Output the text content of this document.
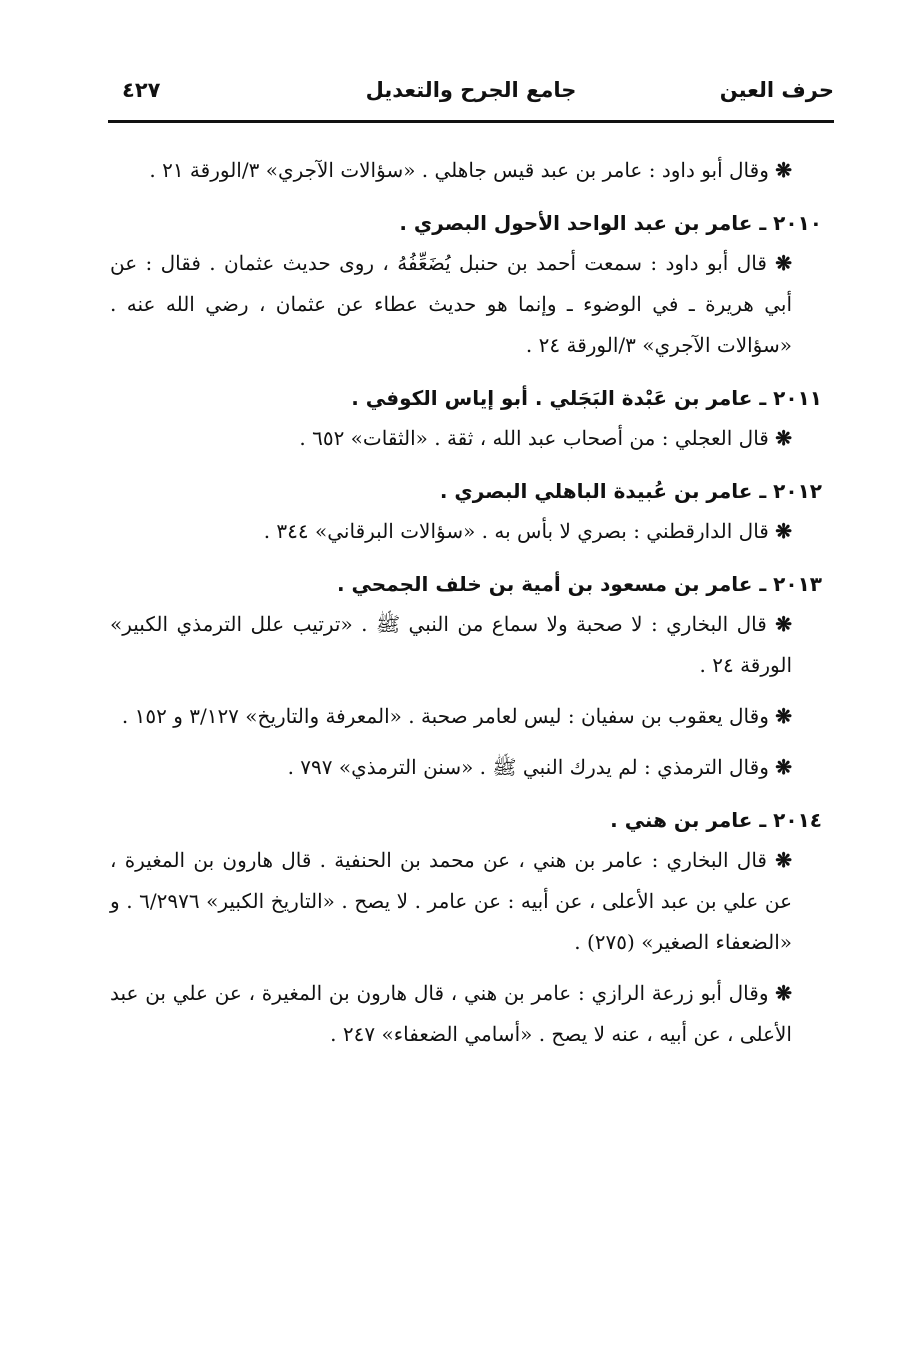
حرف العين
جامع الجرح والتعديل
٤٢٧

❋ وقال أبو داود : عامر بن عبد قيس جاهلي . «سؤالات الآجري» ٣/الورقة ٢١ .

٢٠١٠ ـ عامر بن عبد الواحد الأحول البصري .

❋ قال أبو داود : سمعت أحمد بن حنبل يُضَعِّفُهُ ، روى حديث عثمان . فقال : عن أبي هريرة ـ في الوضوء ـ وإنما هو حديث عطاء عن عثمان ، رضي الله عنه . «سؤالات الآجري» ٣/الورقة ٢٤ .

٢٠١١ ـ عامر بن عَبْدة البَجَلي . أبو إياس الكوفي .

❋ قال العجلي : من أصحاب عبد الله ، ثقة . «الثقات» ٦٥٢ .

٢٠١٢ ـ عامر بن عُبيدة الباهلي البصري .

❋ قال الدارقطني : بصري لا بأس به . «سؤالات البرقاني» ٣٤٤ .

٢٠١٣ ـ عامر بن مسعود بن أمية بن خلف الجمحي .

❋ قال البخاري : لا صحبة ولا سماع من النبي ﷺ . «ترتيب علل الترمذي الكبير» الورقة ٢٤ .

❋ وقال يعقوب بن سفيان : ليس لعامر صحبة . «المعرفة والتاريخ» ٣/١٢٧ و ١٥٢ .

❋ وقال الترمذي : لم يدرك النبي ﷺ . «سنن الترمذي» ٧٩٧ .

٢٠١٤ ـ عامر بن هني .

❋ قال البخاري : عامر بن هني ، عن محمد بن الحنفية . قال هارون بن المغيرة ، عن علي بن عبد الأعلى ، عن أبيه : عن عامر . لا يصح . «التاريخ الكبير» ٦/٢٩٧٦ . و «الضعفاء الصغير» (٢٧٥) .

❋ وقال أبو زرعة الرازي : عامر بن هني ، قال هارون بن المغيرة ، عن علي بن عبد الأعلى ، عن أبيه ، عنه لا يصح . «أسامي الضعفاء» ٢٤٧ .
